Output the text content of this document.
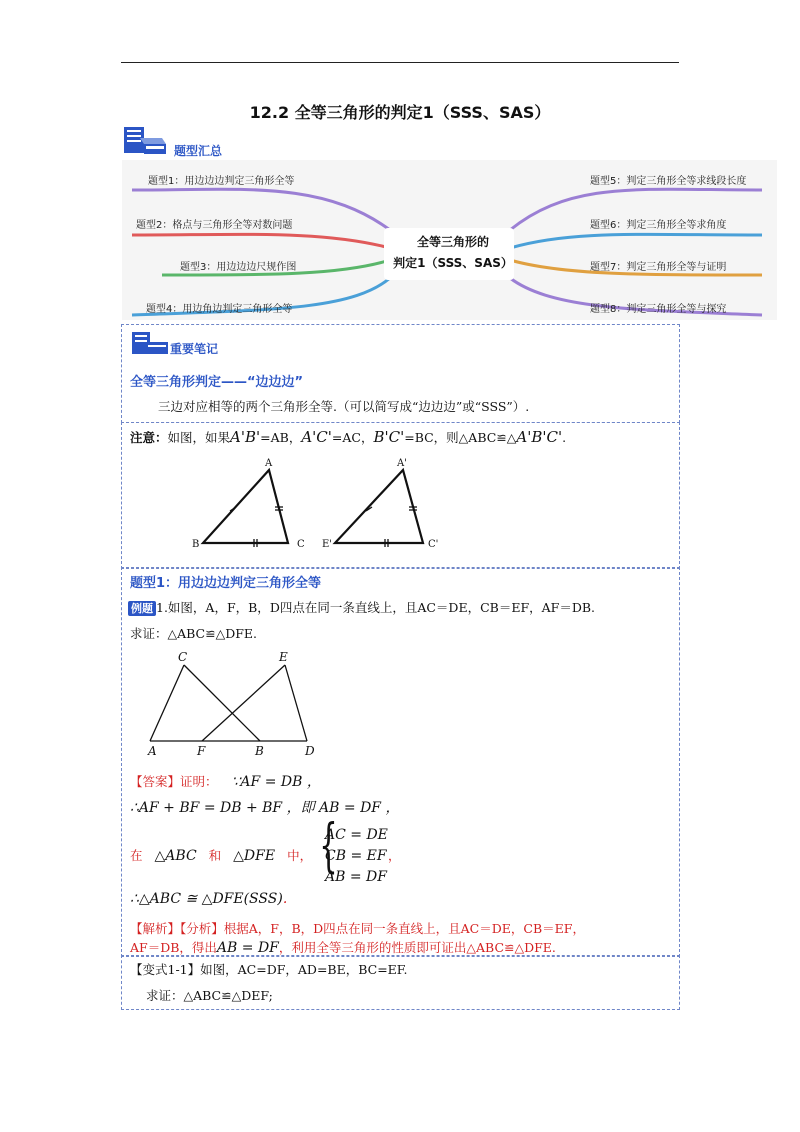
12.2 全等三角形的判定1（SSS、SAS）
题型汇总
全等三角形的
判定1（SSS、SAS）
题型1：用边边边判定三角形全等
题型2：格点与三角形全等对数问题
题型3：用边边边尺规作图
题型4：用边角边判定三角形全等
题型5：判定三角形全等求线段长度
题型6：判定三角形全等求角度
题型7：判定三角形全等与证明
题型8：判定三角形全等与探究
重要笔记
全等三角形判定——“边边边”
三边对应相等的两个三角形全等.（可以简写成“边边边”或“SSS”）.
注意：如图，如果A'B'=AB，A'C'=AC，B'C'=BC，则△ABC≌△A'B'C'.
A
B	C
A'
E'	C'
题型1：用边边边判定三角形全等
例题 1.如图，A，F，B，D四点在同一条直线上，且AC＝DE，CB＝EF，AF＝DB.
求证：△ABC≌△DFE.
C	E
A	F	B	D
【答案】证明： ∵AF = DB ，
∴AF + BF = DB + BF ，即 AB = DF ，
在 △ABC 和 △DFE 中， {
AC = DE
CB = EF
AB = DF
，
∴△ABC ≅ △DFE(SSS).
【解析】【分析】根据A，F，B，D四点在同一条直线上，且AC＝DE，CB＝EF，
AF＝DB，得出AB = DF，利用全等三角形的性质即可证出△ABC≌△DFE.
【变式1-1】如图，AC=DF，AD=BE，BC=EF.
求证：△ABC≌△DEF;
